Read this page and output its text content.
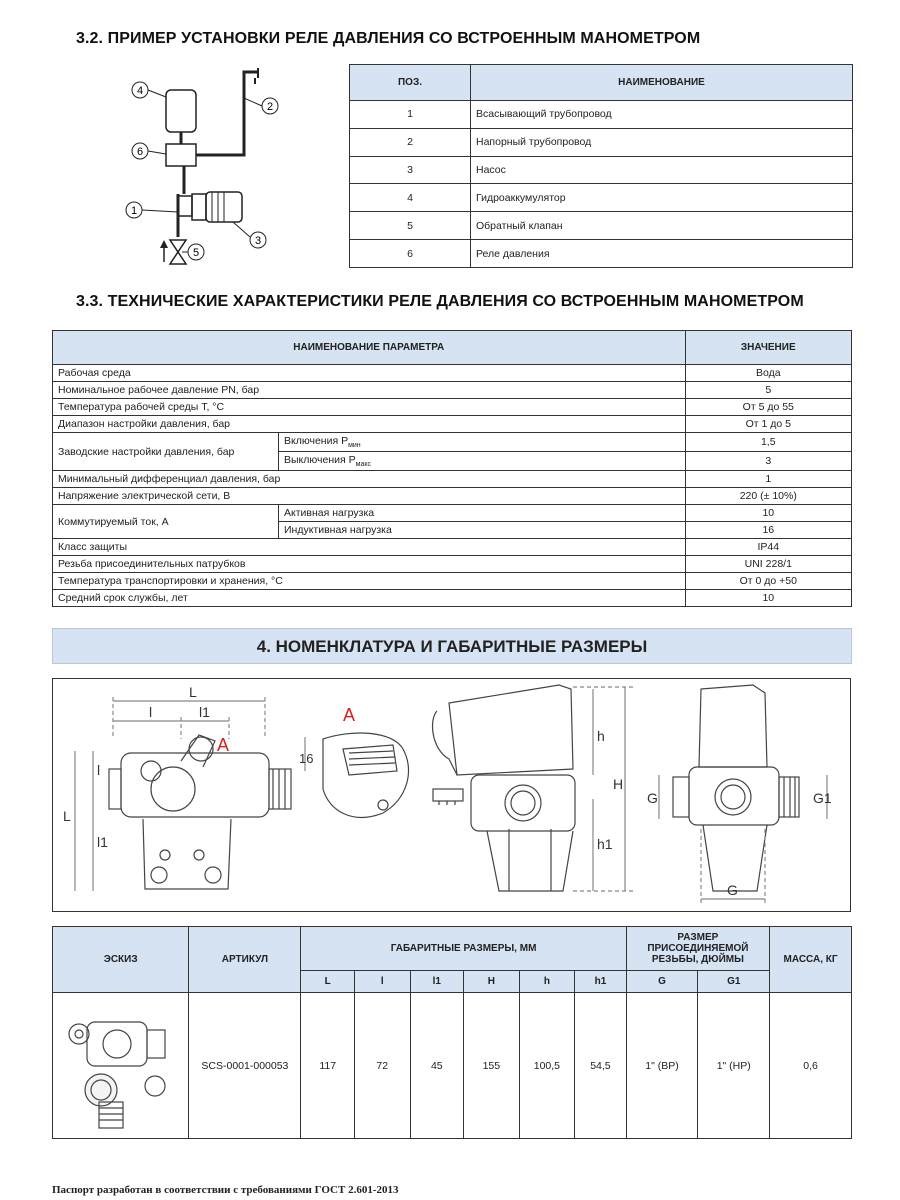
3.2. ПРИМЕР УСТАНОВКИ РЕЛЕ ДАВЛЕНИЯ СО ВСТРОЕННЫМ МАНОМЕТРОМ
4
2
6
1
3
5
ПОЗ.	НАИМЕНОВАНИЕ
1	Всасывающий трубопровод
2	Напорный трубопровод
3	Насос
4	Гидроаккумулятор
5	Обратный клапан
6	Реле давления
3.3. ТЕХНИЧЕСКИЕ ХАРАКТЕРИСТИКИ РЕЛЕ ДАВЛЕНИЯ СО ВСТРОЕННЫМ МАНОМЕТРОМ
НАИМЕНОВАНИЕ ПАРАМЕТРА		ЗНАЧЕНИЕ
Рабочая среда		Вода
Номинальное рабочее давление PN, бар		5
Температура рабочей среды T, °C		От 5 до 55
Диапазон настройки давления, бар		От 1 до 5
Заводские настройки давления, бар	Включения $P_{мин}$	1,5
	Выключения $P_{макс}$	3
Минимальный дифференциал давления, бар		1
Напряжение электрической сети, В		220 (± 10%)
Коммутируемый ток, А	Активная нагрузка	10
	Индуктивная нагрузка	16
Класс защиты		IP44
Резьба присоединительных патрубков		UNI 228/1
Температура транспортировки и хранения, °C		От 0 до +50
Средний срок службы, лет		10
4. НОМЕНКЛАТУРА И ГАБАРИТНЫЕ РАЗМЕРЫ
L
l	l1
L
l
l1
A
A
16
h
H
h1
G	G1
G
ЭСКИЗ	АРТИКУЛ	ГАБАРИТНЫЕ РАЗМЕРЫ, ММ						РАЗМЕР ПРИСОЕДИНЯЕМОЙ РЕЗЬБЫ, ДЮЙМЫ		МАССА, КГ
		L	l	l1	H	h	h1	G	G1	
	SCS-0001-000053	117	72	45	155	100,5	54,5	1" (ВР)	1" (НР)	0,6
Паспорт разработан в соответствии с требованиями ГОСТ 2.601-2013
